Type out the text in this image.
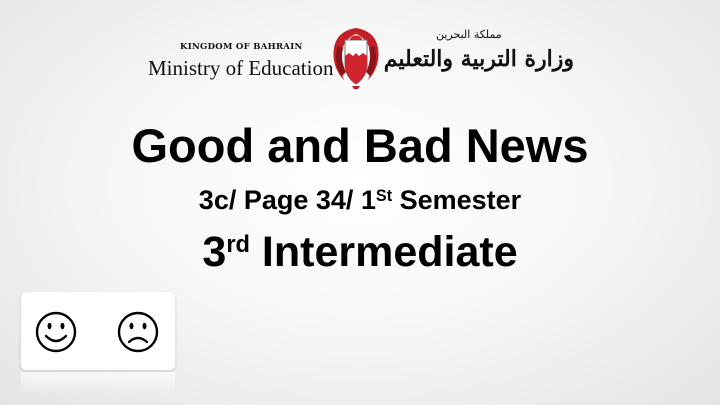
KINGDOM OF BAHRAIN
Ministry of Education
مملكة البحرين
وزارة التربية والتعليم
Good and Bad News
3c/ Page 34/ 1St Semester
3rd Intermediate
